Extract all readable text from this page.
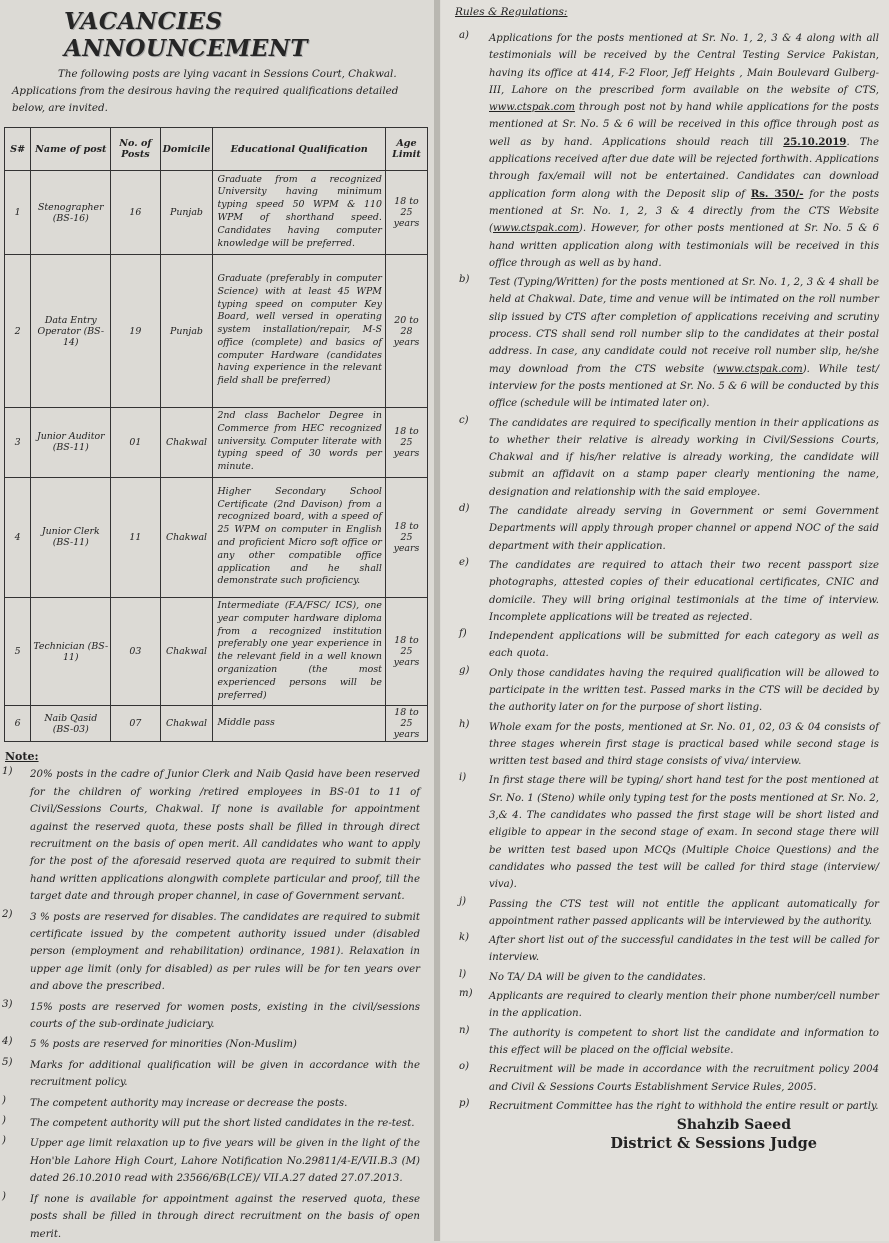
VACANCIES ANNOUNCEMENT
The following posts are lying vacant in Sessions Court, Chakwal. Applications from the desirous having the required qualifications detailed below, are invited.
S#	Name of post	No. of Posts	Domicile	Educational Qualification	Age Limit
1	Stenographer (BS-16)	16	Punjab	Graduate from a recognized University having minimum typing speed 50 WPM & 110 WPM of shorthand speed. Candidates having computer knowledge will be preferred.	18 to 25 years
2	Data Entry Operator (BS-14)	19	Punjab	Graduate (preferably in computer Science) with at least 45 WPM typing speed on computer Key Board, well versed in operating system installation/repair, M-S office (complete) and basics of computer Hardware (candidates having experience in the relevant field shall be preferred)	20 to 28 years
3	Junior Auditor (BS-11)	01	Chakwal	2nd class Bachelor Degree in Commerce from HEC recognized university. Computer literate with typing speed of 30 words per minute.	18 to 25 years
4	Junior Clerk (BS-11)	11	Chakwal	Higher Secondary School Certificate (2nd Davison) from a recognized board, with a speed of 25 WPM on computer in English and proficient Micro soft office or any other compatible office application and he shall demonstrate such proficiency.	18 to 25 years
5	Technician (BS-11)	03	Chakwal	Intermediate (F.A/FSC/ ICS), one year computer hardware diploma from a recognized institution preferably one year experience in the relevant field in a well known organization (the most experienced persons will be preferred)	18 to 25 years
6	Naib Qasid (BS-03)	07	Chakwal	Middle pass	18 to 25 years
Note:
1)	20% posts in the cadre of Junior Clerk and Naib Qasid have been reserved for the children of working /retired employees in BS-01 to 11 of Civil/Sessions Courts, Chakwal. If none is available for appointment against the reserved quota, these posts shall be filled in through direct recruitment on the basis of open merit. All candidates who want to apply for the post of the aforesaid reserved quota are required to submit their hand written applications alongwith complete particular and proof, till the target date and through proper channel, in case of Government servant.
2)	3 % posts are reserved for disables. The candidates are required to submit certificate issued by the competent authority issued under (disabled person (employment and rehabilitation) ordinance, 1981). Relaxation in upper age limit (only for disabled) as per rules will be for ten years over and above the prescribed.
3)	15% posts are reserved for women posts, existing in the civil/sessions courts of the sub-ordinate judiciary.
4)	5 % posts are reserved for minorities (Non-Muslim)
5)	Marks for additional qualification will be given in accordance with the recruitment policy.
)	The competent authority may increase or decrease the posts.
)	The competent authority will put the short listed candidates in the re-test.
)	Upper age limit relaxation up to five years will be given in the light of the Hon'ble Lahore High Court, Lahore Notification No.29811/4-E/VII.B.3 (M) dated 26.10.2010 read with 23566/6B(LCE)/ VII.A.27 dated 27.07.2013.
)	If none is available for appointment against the reserved quota, these posts shall be filled in through direct recruitment on the basis of open merit.
Rules & Regulations:
a)	Applications for the posts mentioned at Sr. No. 1, 2, 3 & 4 along with all testimonials will be received by the Central Testing Service Pakistan, having its office at 414, F-2 Floor, Jeff Heights , Main Boulevard Gulberg-III, Lahore on the prescribed form available on the website of CTS, www.ctspak.com through post not by hand while applications for the posts mentioned at Sr. No. 5 & 6 will be received in this office through post as well as by hand. Applications should reach till 25.10.2019. The applications received after due date will be rejected forthwith. Applications through fax/email will not be entertained. Candidates can download application form along with the Deposit slip of Rs. 350/- for the posts mentioned at Sr. No. 1, 2, 3 & 4 directly from the CTS Website (www.ctspak.com). However, for other posts mentioned at Sr. No. 5 & 6 hand written application along with testimonials will be received in this office through as well as by hand.
b)	Test (Typing/Written) for the posts mentioned at Sr. No. 1, 2, 3 & 4 shall be held at Chakwal. Date, time and venue will be intimated on the roll number slip issued by CTS after completion of applications receiving and scrutiny process. CTS shall send roll number slip to the candidates at their postal address. In case, any candidate could not receive roll number slip, he/she may download from the CTS website (www.ctspak.com). While test/ interview for the posts mentioned at Sr. No. 5 & 6 will be conducted by this office (schedule will be intimated later on).
c)	The candidates are required to specifically mention in their applications as to whether their relative is already working in Civil/Sessions Courts, Chakwal and if his/her relative is already working, the candidate will submit an affidavit on a stamp paper clearly mentioning the name, designation and relationship with the said employee.
d)	The candidate already serving in Government or semi Government Departments will apply through proper channel or append NOC of the said department with their application.
e)	The candidates are required to attach their two recent passport size photographs, attested copies of their educational certificates, CNIC and domicile. They will bring original testimonials at the time of interview. Incomplete applications will be treated as rejected.
f)	Independent applications will be submitted for each category as well as each quota.
g)	Only those candidates having the required qualification will be allowed to participate in the written test. Passed marks in the CTS will be decided by the authority later on for the purpose of short listing.
h)	Whole exam for the posts, mentioned at Sr. No. 01, 02, 03 & 04 consists of three stages wherein first stage is practical based while second stage is written test based and third stage consists of viva/ interview.
i)	In first stage there will be typing/ short hand test for the post mentioned at Sr. No. 1 (Steno) while only typing test for the posts mentioned at Sr. No. 2, 3,& 4. The candidates who passed the first stage will be short listed and eligible to appear in the second stage of exam. In second stage there will be written test based upon MCQs (Multiple Choice Questions) and the candidates who passed the test will be called for third stage (interview/ viva).
j)	Passing the CTS test will not entitle the applicant automatically for appointment rather passed applicants will be interviewed by the authority.
k)	After short list out of the successful candidates in the test will be called for interview.
l)	No TA/ DA will be given to the candidates.
m)	Applicants are required to clearly mention their phone number/cell number in the application.
n)	The authority is competent to short list the candidate and information to this effect will be placed on the official website.
o)	Recruitment will be made in accordance with the recruitment policy 2004 and Civil & Sessions Courts Establishment Service Rules, 2005.
p)	Recruitment Committee has the right to withhold the entire result or partly.
Shahzib Saeed
District & Sessions Judge
